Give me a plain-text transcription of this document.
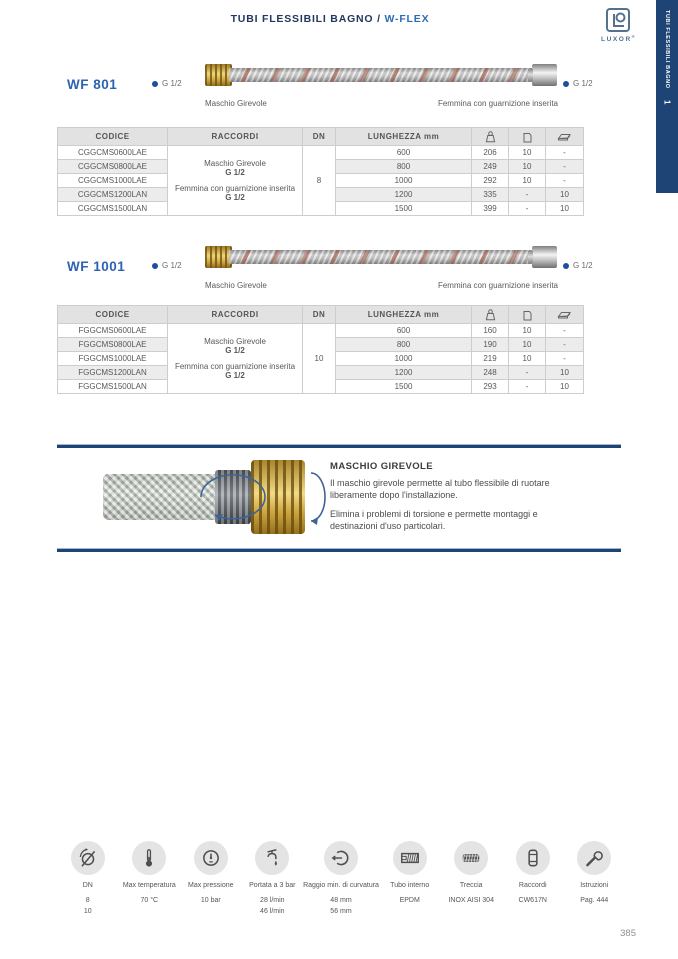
TUBI FLESSIBILI BAGNO / W-FLEX
LUXOR®	TUBI FLESSIBILI BAGNO
1
WF 801	G 1/2	G 1/2
Maschio Girevole	Femmina con guarnizione inserita
CODICE	RACCORDI	DN	LUNGHEZZA mm	

CGGCMS0600LAE	Maschio Girevole
G 1/2
Femmina con guarnizione inserita
G 1/2	8	600	206	10	-
CGGCMS0800LAE			800	249	10	-
CGGCMS1000LAE			1000	292	10	-
CGGCMS1200LAN			1200	335	-	10
CGGCMS1500LAN			1500	399	-	10
WF 1001	G 1/2	G 1/2
Maschio Girevole	Femmina con guarnizione inserita
CODICE	RACCORDI	DN	LUNGHEZZA mm	

FGGCMS0600LAE	Maschio Girevole
G 1/2
Femmina con guarnizione inserita
G 1/2	10	600	160	10	-
FGGCMS0800LAE			800	190	10	-
FGGCMS1000LAE			1000	219	10	-
FGGCMS1200LAN			1200	248	-	10
FGGCMS1500LAN			1500	293	-	10
MASCHIO GIREVOLE

Il maschio girevole permette al tubo flessibile di ruotare liberamente dopo l'installazione.

Elimina i problemi di torsione e permette montaggi e destinazioni d'uso particolari.

DN
8
10
Max temperatura
70 °C
Max pressione
10 bar
Portata a 3 bar
28 l/min
46 l/min
Raggio min. di curvatura
48 mm
56 mm
Tubo interno
EPDM
Treccia
INOX AISI 304
Raccordi
CW617N
Istruzioni
Pag. 444
385
